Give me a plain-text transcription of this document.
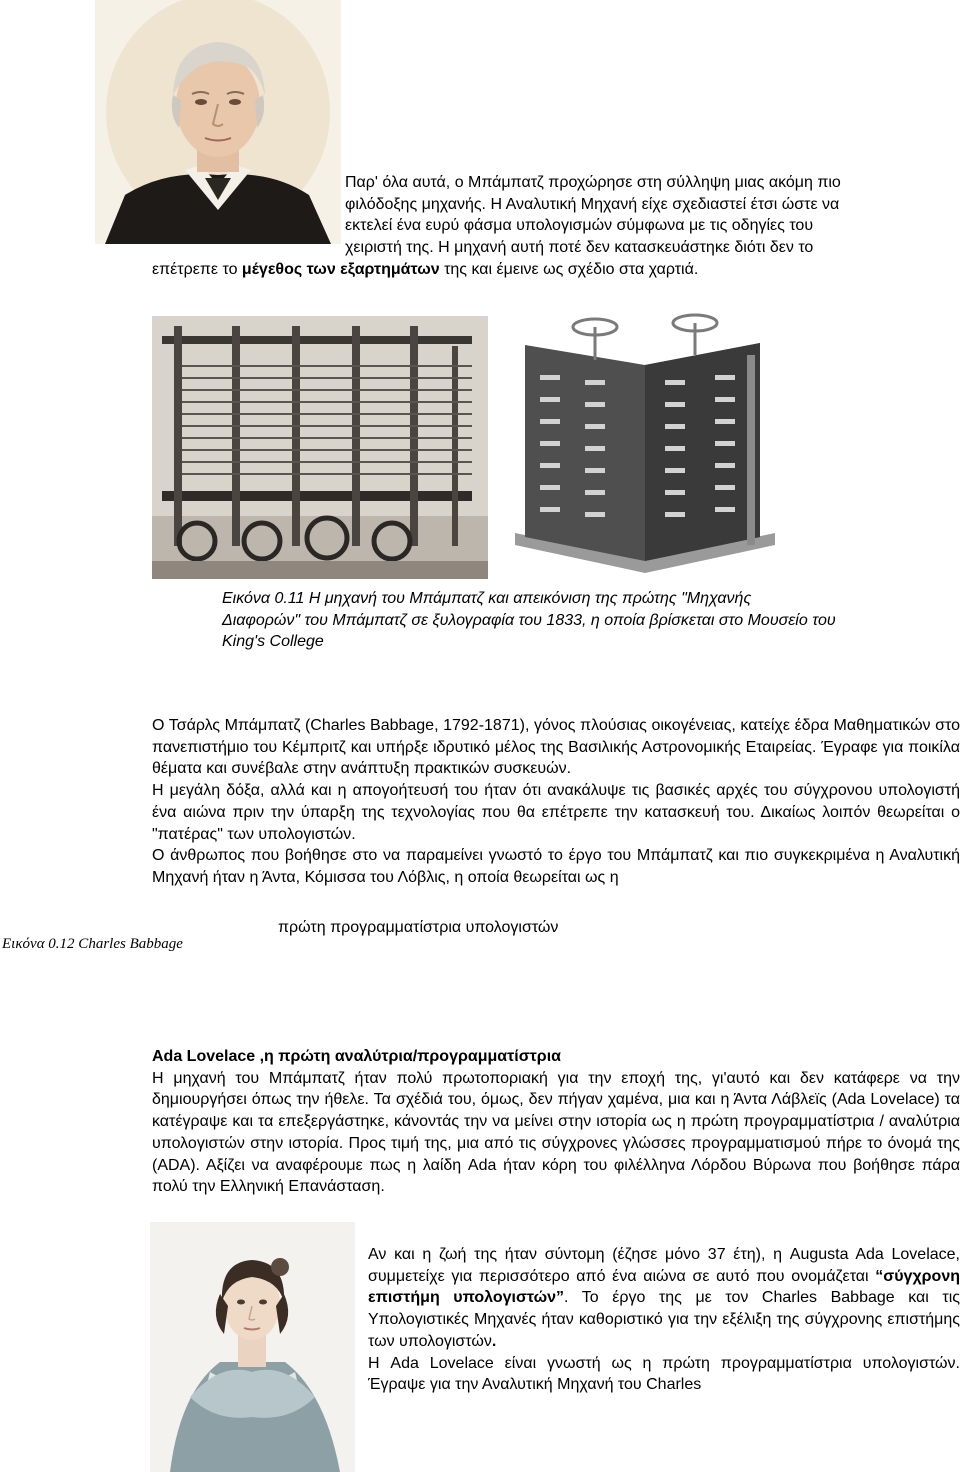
Παρ' όλα αυτά, ο Μπάμπατζ προχώρησε στη σύλληψη μιας ακόμη πιο

φιλόδοξης μηχανής. Η Αναλυτική Μηχανή είχε σχεδιαστεί έτσι ώστε να

εκτελεί ένα ευρύ φάσμα υπολογισμών σύμφωνα με τις οδηγίες του

χειριστή της. Η μηχανή αυτή ποτέ δεν κατασκευάστηκε διότι δεν το

επέτρεπε το μέγεθος των εξαρτημάτων της και έμεινε ως σχέδιο στα χαρτιά.

Εικόνα 0.11 Η μηχανή του Μπάμπατζ και απεικόνιση της πρώτης "Μηχανής

Διαφορών" του Μπάμπατζ σε ξυλογραφία του 1833, η οποία βρίσκεται στο Μουσείο του

King's College

Ο Τσάρλς Μπάμπατζ (Charles Babbage, 1792-1871), γόνος πλούσιας οικογένειας, κατείχε έδρα Μαθηματικών στο πανεπιστήμιο του Κέμπριτζ και υπήρξε ιδρυτικό μέλος της Βασιλικής Αστρονομικής Εταιρείας. Έγραφε για ποικίλα θέματα και συνέβαλε στην ανάπτυξη πρακτικών συσκευών.

Η μεγάλη δόξα, αλλά και η απογοήτευσή του ήταν ότι ανακάλυψε τις βασικές αρχές του σύγχρονου υπολογιστή ένα αιώνα πριν την ύπαρξη της τεχνολογίας που θα επέτρεπε την κατασκευή του. Δικαίως λοιπόν θεωρείται ο "πατέρας" των υπολογιστών.

Ο άνθρωπος που βοήθησε στο να παραμείνει γνωστό το έργο του Μπάμπατζ και πιο συγκεκριμένα η Αναλυτική Μηχανή ήταν η Άντα, Κόμισσα του Λόβλις, η οποία θεωρείται ως η

πρώτη προγραμματίστρια υπολογιστών
Εικόνα 0.12 Charles Babbage

Ada Lovelace ,η πρώτη αναλύτρια/προγραμματίστρια

Η μηχανή του Μπάμπατζ ήταν πολύ πρωτοποριακή για την εποχή της, γι'αυτό και δεν κατάφερε να την δημιουργήσει όπως την ήθελε. Τα σχέδιά του, όμως, δεν πήγαν χαμένα, μια και η Άντα Λάβλεϊς (Ada Lovelace) τα κατέγραψε και τα επεξεργάστηκε, κάνοντάς την να μείνει στην ιστορία ως η πρώτη προγραμματίστρια / αναλύτρια υπολογιστών στην ιστορία. Προς τιμή της, μια από τις σύγχρονες γλώσσες προγραμματισμού πήρε το όνομά της (ADA). Αξίζει να αναφέρουμε πως η λαίδη Ada ήταν κόρη του φιλέλληνα Λόρδου Βύρωνα που βοήθησε πάρα πολύ την Ελληνική Επανάσταση.

Αν και η ζωή της ήταν σύντομη (έζησε μόνο 37 έτη), η Augusta Ada Lovelace, συμμετείχε για περισσότερο από ένα αιώνα σε αυτό που ονομάζεται “σύγχρονη επιστήμη υπολογιστών”. Το έργο της με τον Charles Babbage και τις Υπολογιστικές Μηχανές ήταν καθοριστικό για την εξέλιξη της σύγχρονης επιστήμης των υπολογιστών.

Η Ada Lovelace είναι γνωστή ως η πρώτη προγραμματίστρια υπολογιστών. Έγραψε για την Αναλυτική Μηχανή του Charles
